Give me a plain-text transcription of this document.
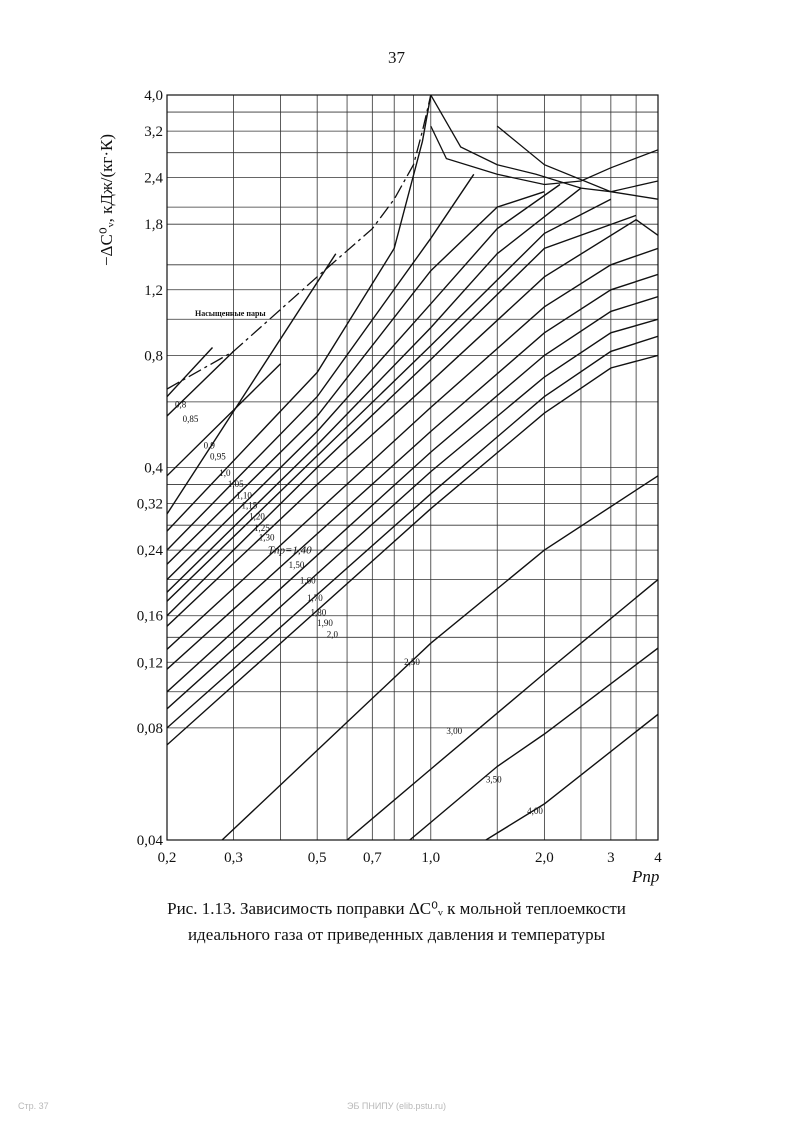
37
0,2	0,3	0,5 0,7	1,0	2,0	3	4
0,04
0,08
0,12
0,16
0,24
0,32
0,4
0,8
1,2
1,8
2,4
3,2
4,0
0,8
0,85
0,9
0,95
1,0
1,05
1,10
1,15
1,20
1,25
1,30
Tпр=1,40
1,50
1,60
1,70
1,80
1,90
2,0
2,50
3,00
3,50
4,00
−ΔC⁰ᵥ, кДж/(кг·К)
Pпр
Насыщенные пары
Рис. 1.13. Зависимость поправки ΔC⁰ᵥ к мольной теплоемкости
идеального газа от приведенных давления и температуры
Стр. 37	ЭБ ПНИПУ (elib.pstu.ru)
